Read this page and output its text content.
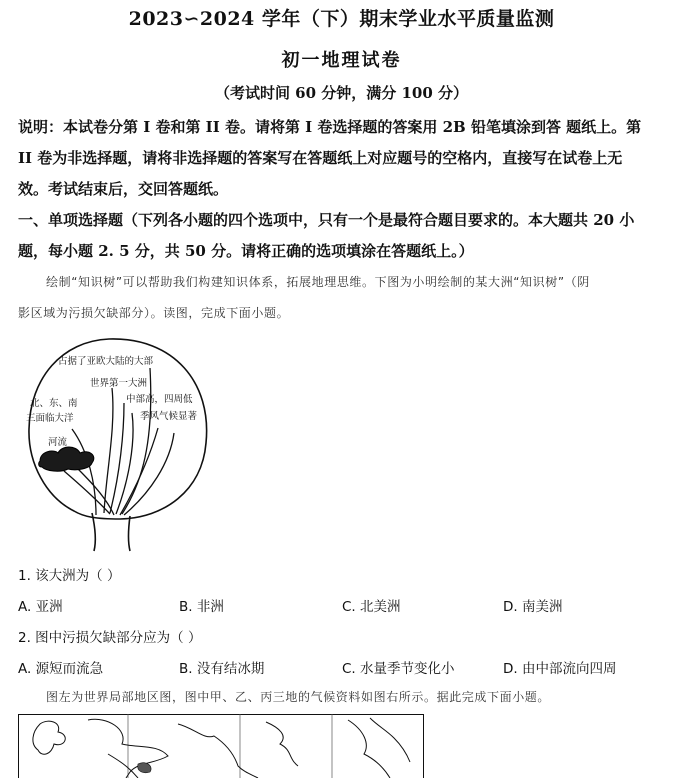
2023∽2024 学年（下）期末学业水平质量监测
初一地理试卷
（考试时间 60 分钟，满分 100 分）
说明：本试卷分第 I 卷和第 II 卷。请将第 I 卷选择题的答案用 2B 铅笔填涂到答 题纸上。第
II 卷为非选择题，请将非选择题的答案写在答题纸上对应题号的空格内，直接写在试卷上无
效。考试结束后，交回答题纸。
一、单项选择题（下列各小题的四个选项中，只有一个是最符合题目要求的。本大题共 20 小
题，每小题 2. 5 分，共 50 分。请将正确的选项填涂在答题纸上。）
绘制“知识树”可以帮助我们构建知识体系，拓展地理思维。下图为小明绘制的某大洲“知识树”（阴
影区域为污损欠缺部分）。读图，完成下面小题。
占据了亚欧大陆的大部
世界第一大洲
北、东、南
三面临大洋
中部高，四周低
季风气候显著
河流
1. 该大洲为（ ）
A. 亚洲	B. 非洲	C. 北美洲	D. 南美洲
2. 图中污损欠缺部分应为（ ）
A. 源短而流急	B. 没有结冰期	C. 水量季节变化小	D. 由中部流向四周
图左为世界局部地区图，图中甲、乙、丙三地的气候资料如图右所示。据此完成下面小题。
